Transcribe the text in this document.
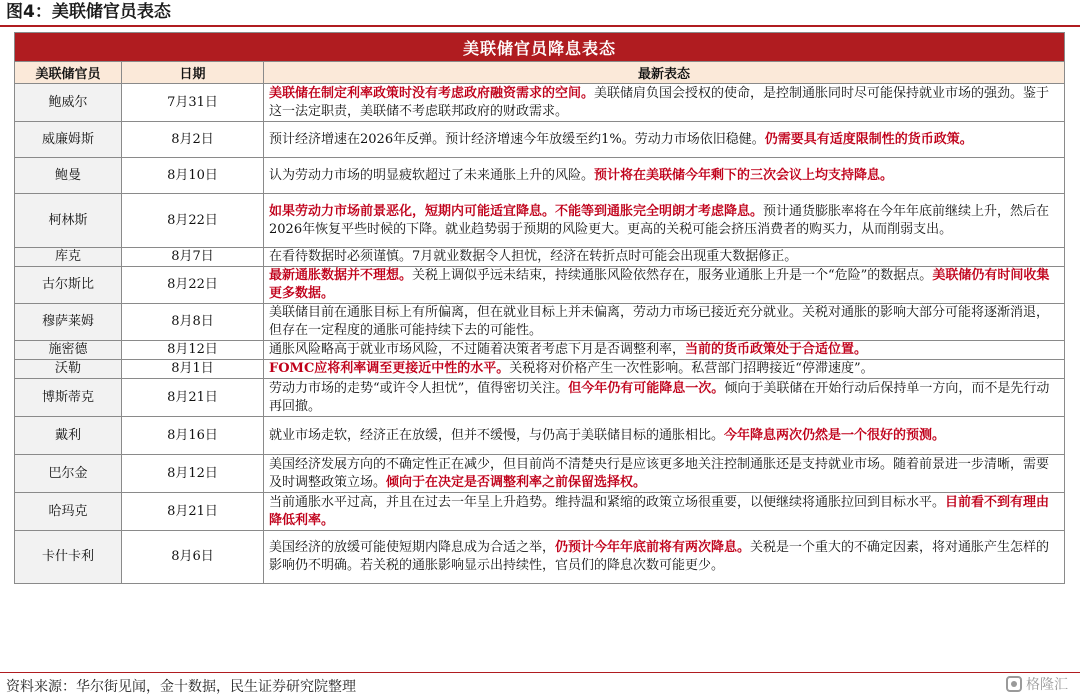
图4：美联储官员表态
美联储官员降息表态		
美联储官员	日期	最新表态
鲍威尔	7月31日	美联储在制定利率政策时没有考虑政府融资需求的空间。美联储肩负国会授权的使命，是控制通胀同时尽可能保持就业市场的强劲。鉴于这一法定职责，美联储不考虑联邦政府的财政需求。
威廉姆斯	8月2日	预计经济增速在2026年反弹。预计经济增速今年放缓至约1%。劳动力市场依旧稳健。仍需要具有适度限制性的货币政策。
鲍曼	8月10日	认为劳动力市场的明显疲软超过了未来通胀上升的风险。预计将在美联储今年剩下的三次会议上均支持降息。
柯林斯	8月22日	如果劳动力市场前景恶化，短期内可能适宜降息。不能等到通胀完全明朗才考虑降息。预计通货膨胀率将在今年年底前继续上升，然后在2026年恢复平些时候的下降。就业趋势弱于预期的风险更大。更高的关税可能会挤压消费者的购买力，从而削弱支出。
库克	8月7日	在看待数据时必须谨慎。7月就业数据令人担忧，经济在转折点时可能会出现重大数据修正。
古尔斯比	8月22日	最新通胀数据并不理想。关税上调似乎远未结束，持续通胀风险依然存在，服务业通胀上升是一个“危险”的数据点。美联储仍有时间收集更多数据。
穆萨莱姆	8月8日	美联储目前在通胀目标上有所偏离，但在就业目标上并未偏离，劳动力市场已接近充分就业。关税对通胀的影响大部分可能将逐渐消退，但存在一定程度的通胀可能持续下去的可能性。
施密德	8月12日	通胀风险略高于就业市场风险，不过随着决策者考虑下月是否调整利率，当前的货币政策处于合适位置。
沃勒	8月1日	FOMC应将利率调至更接近中性的水平。关税将对价格产生一次性影响。私营部门招聘接近“停滞速度”。
博斯蒂克	8月21日	劳动力市场的走势“或许令人担忧”，值得密切关注。但今年仍有可能降息一次。倾向于美联储在开始行动后保持单一方向，而不是先行动再回撤。
戴利	8月16日	就业市场走软，经济正在放缓，但并不缓慢，与仍高于美联储目标的通胀相比。今年降息两次仍然是一个很好的预测。
巴尔金	8月12日	美国经济发展方向的不确定性正在减少，但目前尚不清楚央行是应该更多地关注控制通胀还是支持就业市场。随着前景进一步清晰，需要及时调整政策立场。倾向于在决定是否调整利率之前保留选择权。
哈玛克	8月21日	当前通胀水平过高，并且在过去一年呈上升趋势。维持温和紧缩的政策立场很重要，以便继续将通胀拉回到目标水平。目前看不到有理由降低利率。
卡什卡利	8月6日	美国经济的放缓可能使短期内降息成为合适之举，仍预计今年年底前将有两次降息。关税是一个重大的不确定因素，将对通胀产生怎样的影响仍不明确。若关税的通胀影响显示出持续性，官员们的降息次数可能更少。
资料来源：华尔街见闻，金十数据，民生证券研究院整理	格隆汇
